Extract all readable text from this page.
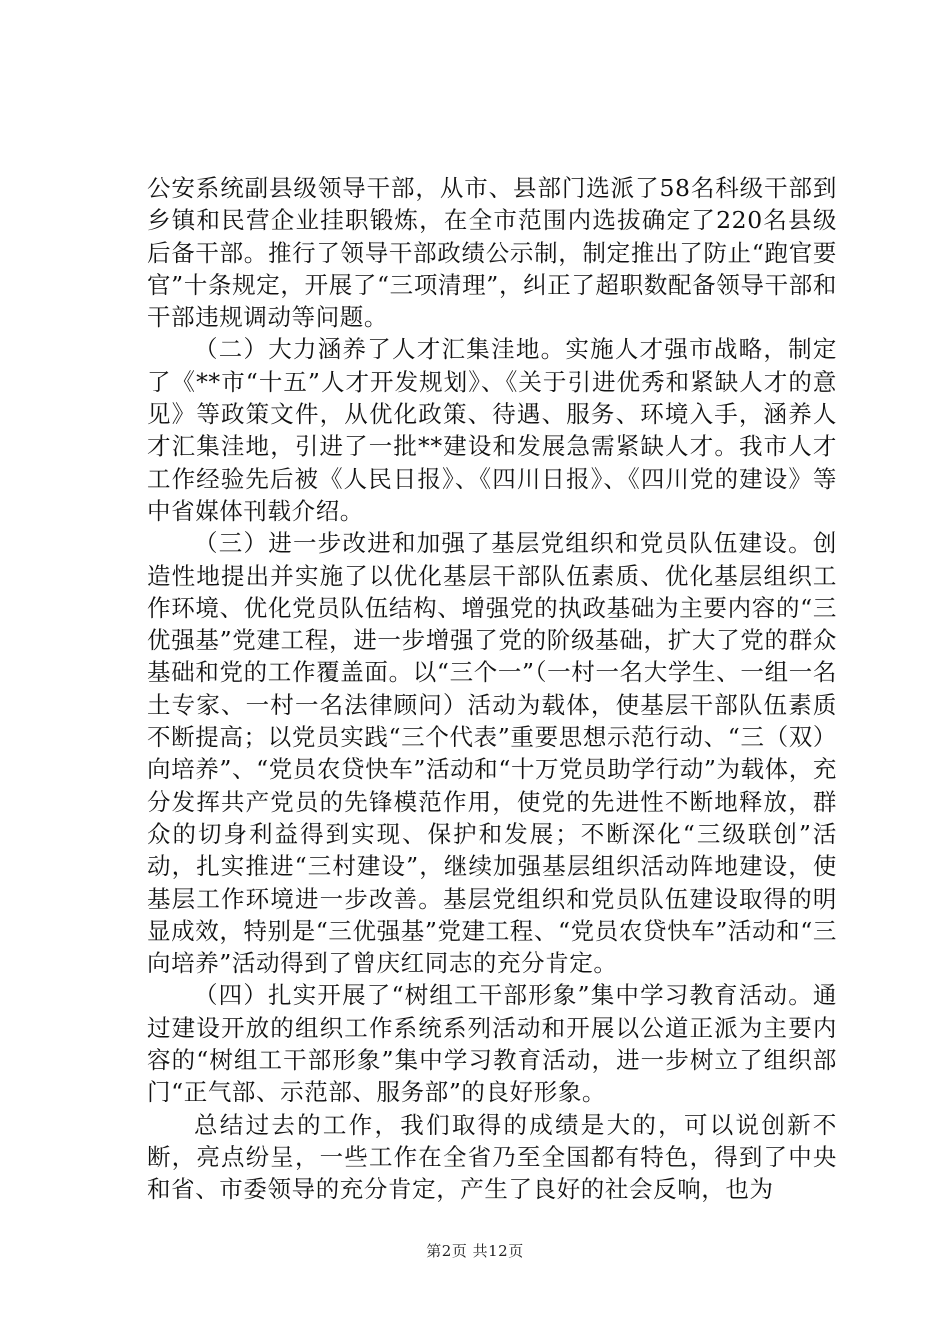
公安系统副县级领导干部，从市、县部门选派了58名科级干部到乡镇和民营企业挂职锻炼，在全市范围内选拔确定了220名县级后备干部。推行了领导干部政绩公示制，制定推出了防止“跑官要官”十条规定，开展了“三项清理”，纠正了超职数配备领导干部和干部违规调动等问题。

（二）大力涵养了人才汇集洼地。实施人才强市战略，制定了《**市“十五”人才开发规划》、《关于引进优秀和紧缺人才的意见》等政策文件，从优化政策、待遇、服务、环境入手，涵养人才汇集洼地，引进了一批**建设和发展急需紧缺人才。我市人才工作经验先后被《人民日报》、《四川日报》、《四川党的建设》等中省媒体刊载介绍。

（三）进一步改进和加强了基层党组织和党员队伍建设。创造性地提出并实施了以优化基层干部队伍素质、优化基层组织工作环境、优化党员队伍结构、增强党的执政基础为主要内容的“三优强基”党建工程，进一步增强了党的阶级基础，扩大了党的群众基础和党的工作覆盖面。以“三个一”（一村一名大学生、一组一名土专家、一村一名法律顾问）活动为载体，使基层干部队伍素质不断提高；以党员实践“三个代表”重要思想示范行动、“三（双）向培养”、“党员农贷快车”活动和“十万党员助学行动”为载体，充分发挥共产党员的先锋模范作用，使党的先进性不断地释放，群众的切身利益得到实现、保护和发展；不断深化“三级联创”活动，扎实推进“三村建设”，继续加强基层组织活动阵地建设，使基层工作环境进一步改善。基层党组织和党员队伍建设取得的明显成效，特别是“三优强基”党建工程、“党员农贷快车”活动和“三向培养”活动得到了曾庆红同志的充分肯定。

（四）扎实开展了“树组工干部形象”集中学习教育活动。通过建设开放的组织工作系统系列活动和开展以公道正派为主要内容的“树组工干部形象”集中学习教育活动，进一步树立了组织部门“正气部、示范部、服务部”的良好形象。

总结过去的工作，我们取得的成绩是大的，可以说创新不断，亮点纷呈，一些工作在全省乃至全国都有特色，得到了中央和省、市委领导的充分肯定，产生了良好的社会反响，也为

第2页 共12页
